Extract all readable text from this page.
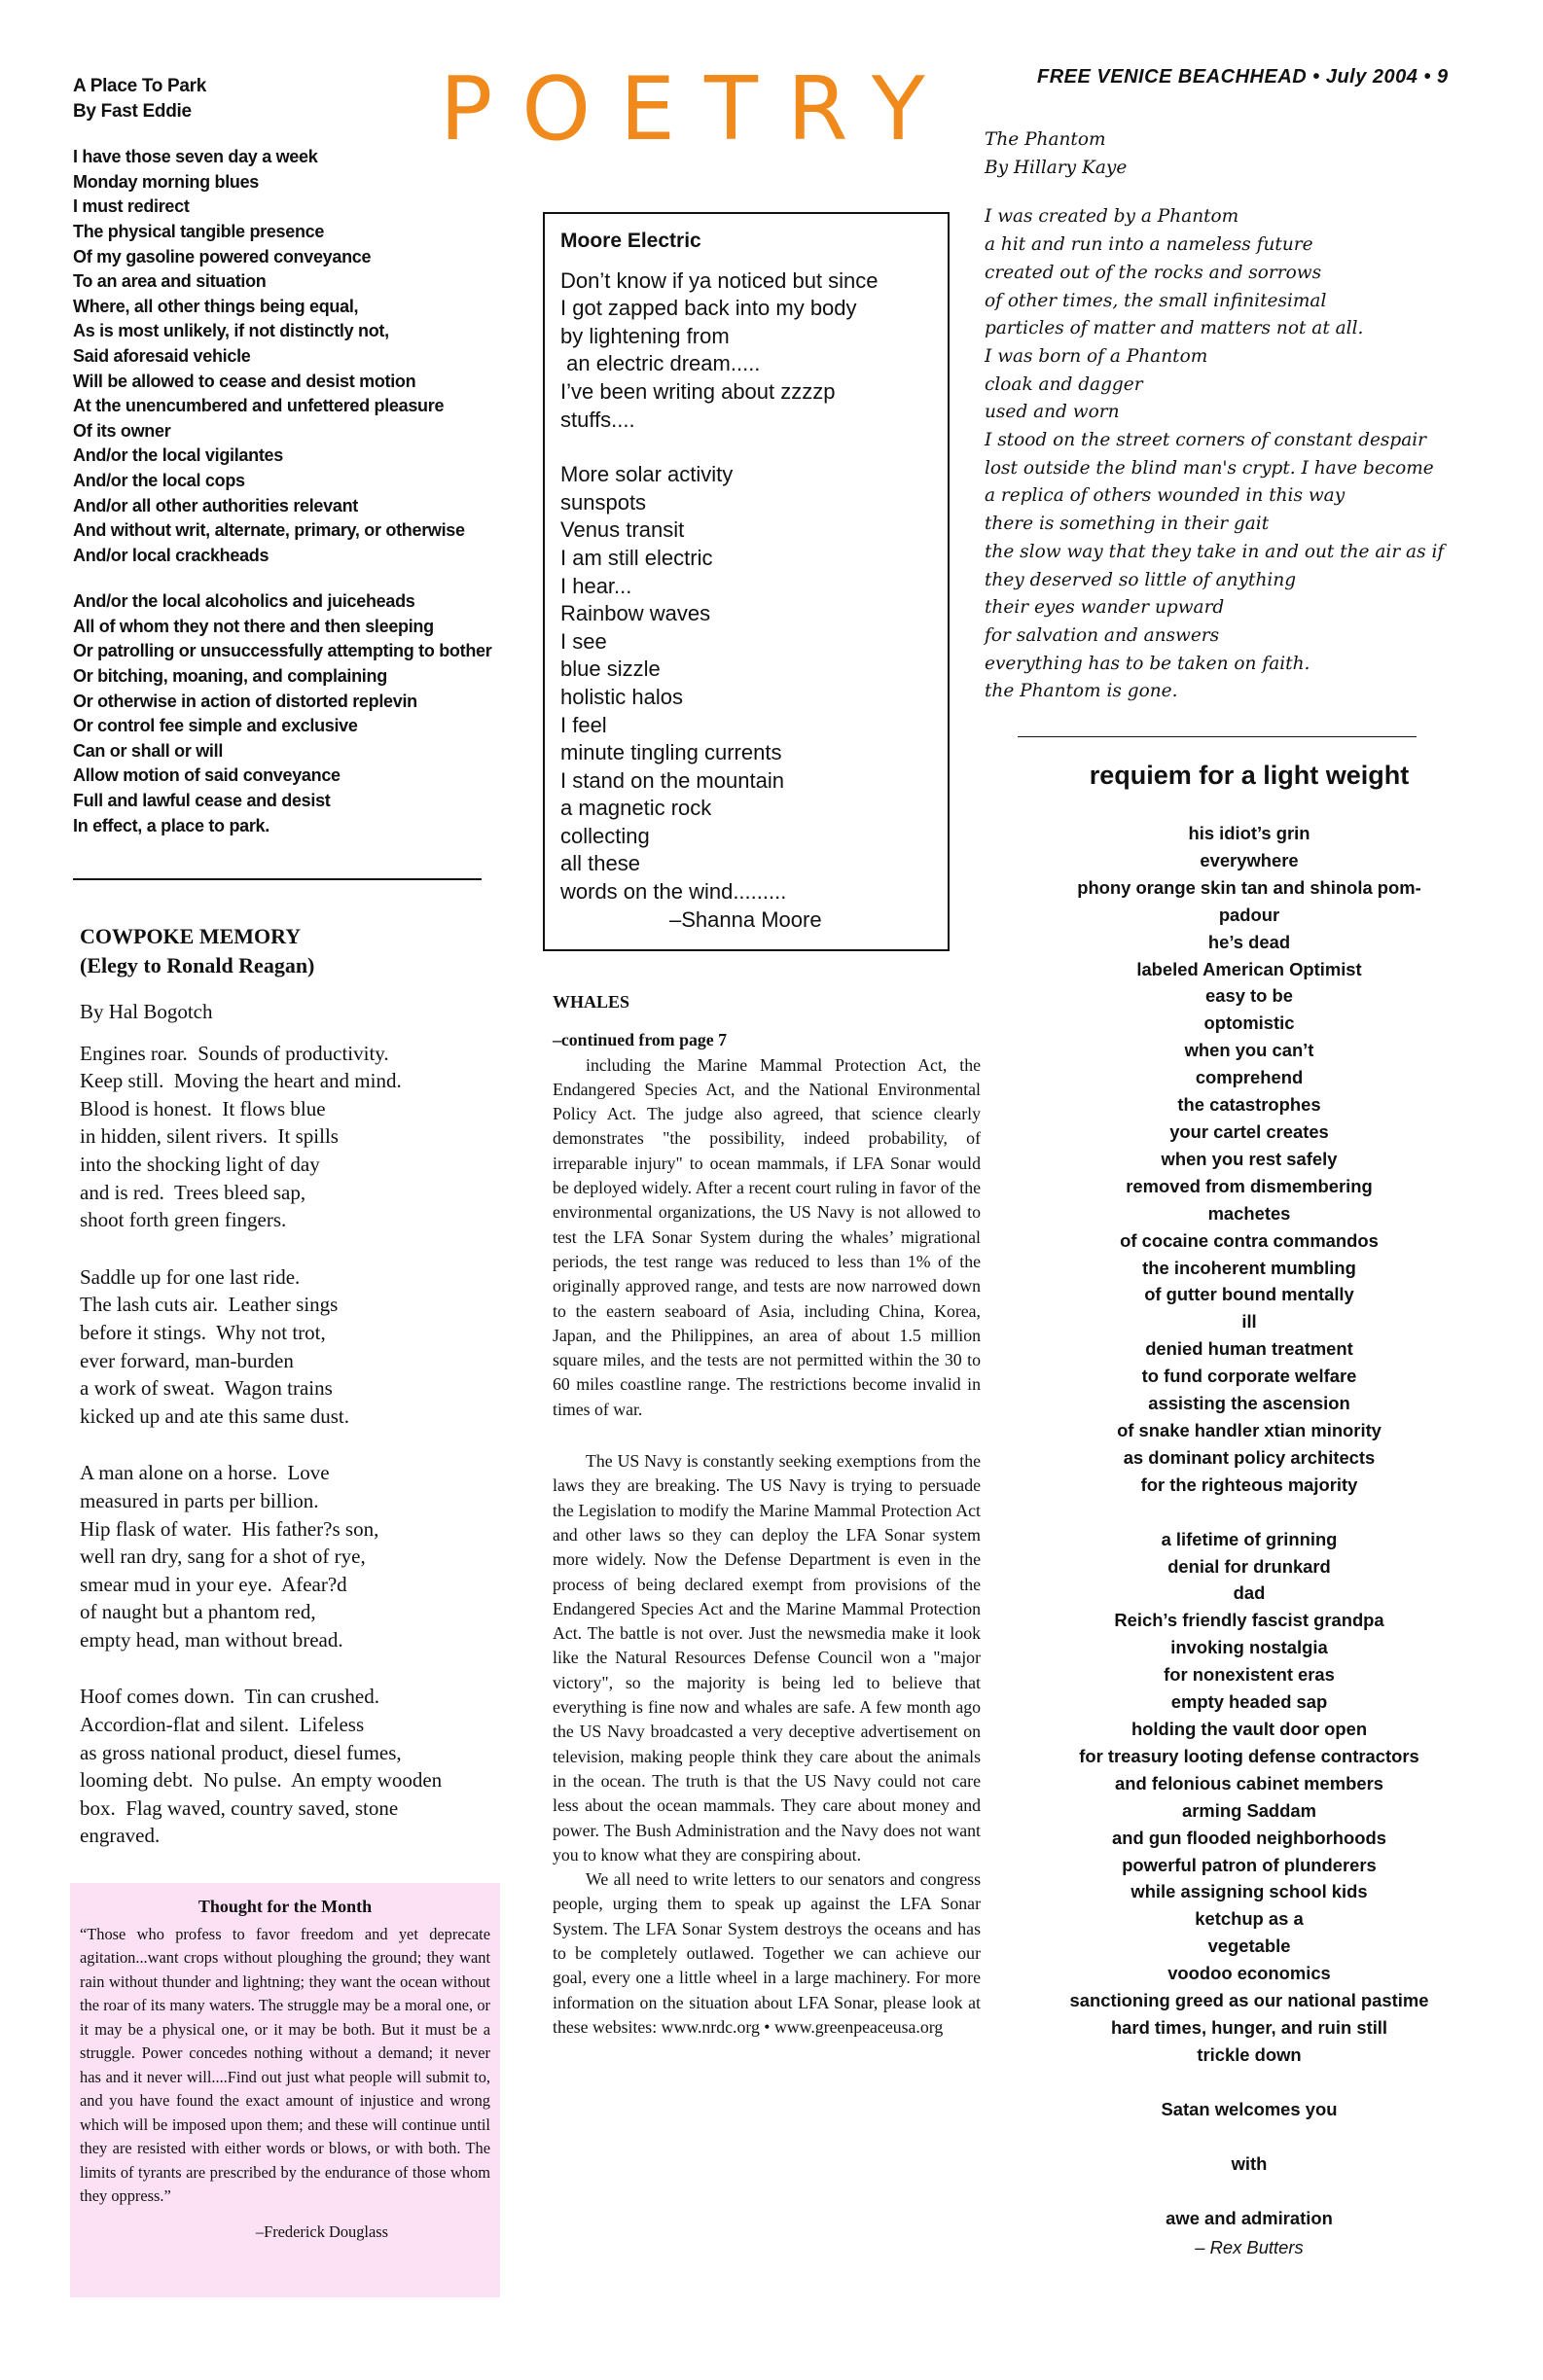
FREE VENICE BEACHHEAD • July 2004 • 9
POETRY
A Place To Park
By Fast Eddie
I have those seven day a week
Monday morning blues
I must redirect
The physical tangible presence
Of my gasoline powered conveyance
To an area and situation
Where, all other things being equal,
As is most unlikely, if not distinctly not,
Said aforesaid vehicle
Will be allowed to cease and desist motion
At the unencumbered and unfettered pleasure
Of its owner
And/or the local vigilantes
And/or the local cops
And/or all other authorities relevant
And without writ, alternate, primary, or otherwise
And/or local crackheads
And/or the local alcoholics and juiceheads
All of whom they not there and then sleeping
Or patrolling or unsuccessfully attempting to bother
Or bitching, moaning, and complaining
Or otherwise in action of distorted replevin
Or control fee simple and exclusive
Can or shall or will
Allow motion of said conveyance
Full and lawful cease and desist
In effect, a place to park.
Moore Electric
Don’t know if ya noticed but since
I got zapped back into my body
by lightening from
an electric dream.....
I’ve been writing about zzzzp
stuffs....
More solar activity
sunspots
Venus transit
I am still electric
I hear...
Rainbow waves
I see
blue sizzle
holistic halos
I feel
minute tingling currents
I stand on the mountain
a magnetic rock
collecting
all these
words on the wind.........
–Shanna Moore
COWPOKE MEMORY
(Elegy to Ronald Reagan)
By Hal Bogotch
Engines roar.  Sounds of productivity.
Keep still.  Moving the heart and mind.
Blood is honest.  It flows blue
in hidden, silent rivers.  It spills
into the shocking light of day
and is red.  Trees bleed sap,
shoot forth green fingers.
Saddle up for one last ride.
The lash cuts air.  Leather sings
before it stings.  Why not trot,
ever forward, man-burden
a work of sweat.  Wagon trains
kicked up and ate this same dust.
A man alone on a horse.  Love
measured in parts per billion.
Hip flask of water.  His father?s son,
well ran dry, sang for a shot of rye,
smear mud in your eye.  Afear?d
of naught but a phantom red,
empty head, man without bread.
Hoof comes down.  Tin can crushed.
Accordion-flat and silent.  Lifeless
as gross national product, diesel fumes,
looming debt.  No pulse.  An empty wooden
box.  Flag waved, country saved, stone
engraved.
Thought for the Month
“Those who profess to favor freedom and yet deprecate agitation...want crops without ploughing the ground; they want rain without thunder and lightning; they want the ocean without the roar of its many waters. The struggle may be a moral one, or it may be a physical one, or it may be both. But it must be a struggle. Power concedes nothing without a demand; it never has and it never will....Find out just what people will submit to, and you have found the exact amount of injustice and wrong which will be imposed upon them; and these will continue until they are resisted with either words or blows, or with both. The limits of tyrants are prescribed by the endurance of those whom they oppress.”
–Frederick Douglass
WHALES
–continued from page 7

including the Marine Mammal Protection Act, the Endangered Species Act, and the National Environmental Policy Act. The judge also agreed, that science clearly demonstrates "the possibility, indeed probability, of irreparable injury" to ocean mammals, if LFA Sonar would be deployed widely. After a recent court ruling in favor of the environmental organizations, the US Navy is not allowed to test the LFA Sonar System during the whales’ migrational periods, the test range was reduced to less than 1% of the originally approved range, and tests are now narrowed down to the eastern seaboard of Asia, including China, Korea, Japan, and the Philippines, an area of about 1.5 million square miles, and the tests are not permitted within the 30 to 60 miles coastline range. The restrictions become invalid in times of war.

The US Navy is constantly seeking exemptions from the laws they are breaking. The US Navy is trying to persuade the Legislation to modify the Marine Mammal Protection Act and other laws so they can deploy the LFA Sonar system more widely. Now the Defense Department is even in the process of being declared exempt from provisions of the Endangered Species Act and the Marine Mammal Protection Act. The battle is not over. Just the newsmedia make it look like the Natural Resources Defense Council won a "major victory", so the majority is being led to believe that everything is fine now and whales are safe. A few month ago the US Navy broadcasted a very deceptive advertisement on television, making people think they care about the animals in the ocean. The truth is that the US Navy could not care less about the ocean mammals. They care about money and power. The Bush Administration and the Navy does not want you to know what they are conspiring about.

We all need to write letters to our senators and congress people, urging them to speak up against the LFA Sonar System. The LFA Sonar System destroys the oceans and has to be completely outlawed. Together we can achieve our goal, every one a little wheel in a large machinery. For more information on the situation about LFA Sonar, please look at these websites: www.nrdc.org • www.greenpeaceusa.org

The Phantom
By Hillary Kaye
I was created by a Phantom
a hit and run into a nameless future
created out of the rocks and sorrows
of other times, the small infinitesimal
particles of matter and matters not at all.
I was born of a Phantom
cloak and dagger
used and worn
I stood on the street corners of constant despair
lost outside the blind man's crypt. I have become
a replica of others wounded in this way
there is something in their gait
the slow way that they take in and out the air as if
they deserved so little of anything
their eyes wander upward
for salvation and answers
everything has to be taken on faith.
the Phantom is gone.
requiem for a light weight
his idiot’s grin
everywhere
phony orange skin tan and shinola pom-
padour
he’s dead
labeled American Optimist
easy to be
optomistic
when you can’t
comprehend
the catastrophes
your cartel creates
when you rest safely
removed from dismembering
machetes
of cocaine contra commandos
the incoherent mumbling
of gutter bound mentally
ill
denied human treatment
to fund corporate welfare
assisting the ascension
of snake handler xtian minority
as dominant policy architects
for the righteous majority
a lifetime of grinning
denial for drunkard
dad
Reich’s friendly fascist grandpa
invoking nostalgia
for nonexistent eras
empty headed sap
holding the vault door open
for treasury looting defense contractors
and felonious cabinet members
arming Saddam
and gun flooded neighborhoods
powerful patron of plunderers
while assigning school kids
ketchup as a
vegetable
voodoo economics
sanctioning greed as our national pastime
hard times, hunger, and ruin still
trickle down
Satan welcomes you
with
awe and admiration
– Rex Butters
